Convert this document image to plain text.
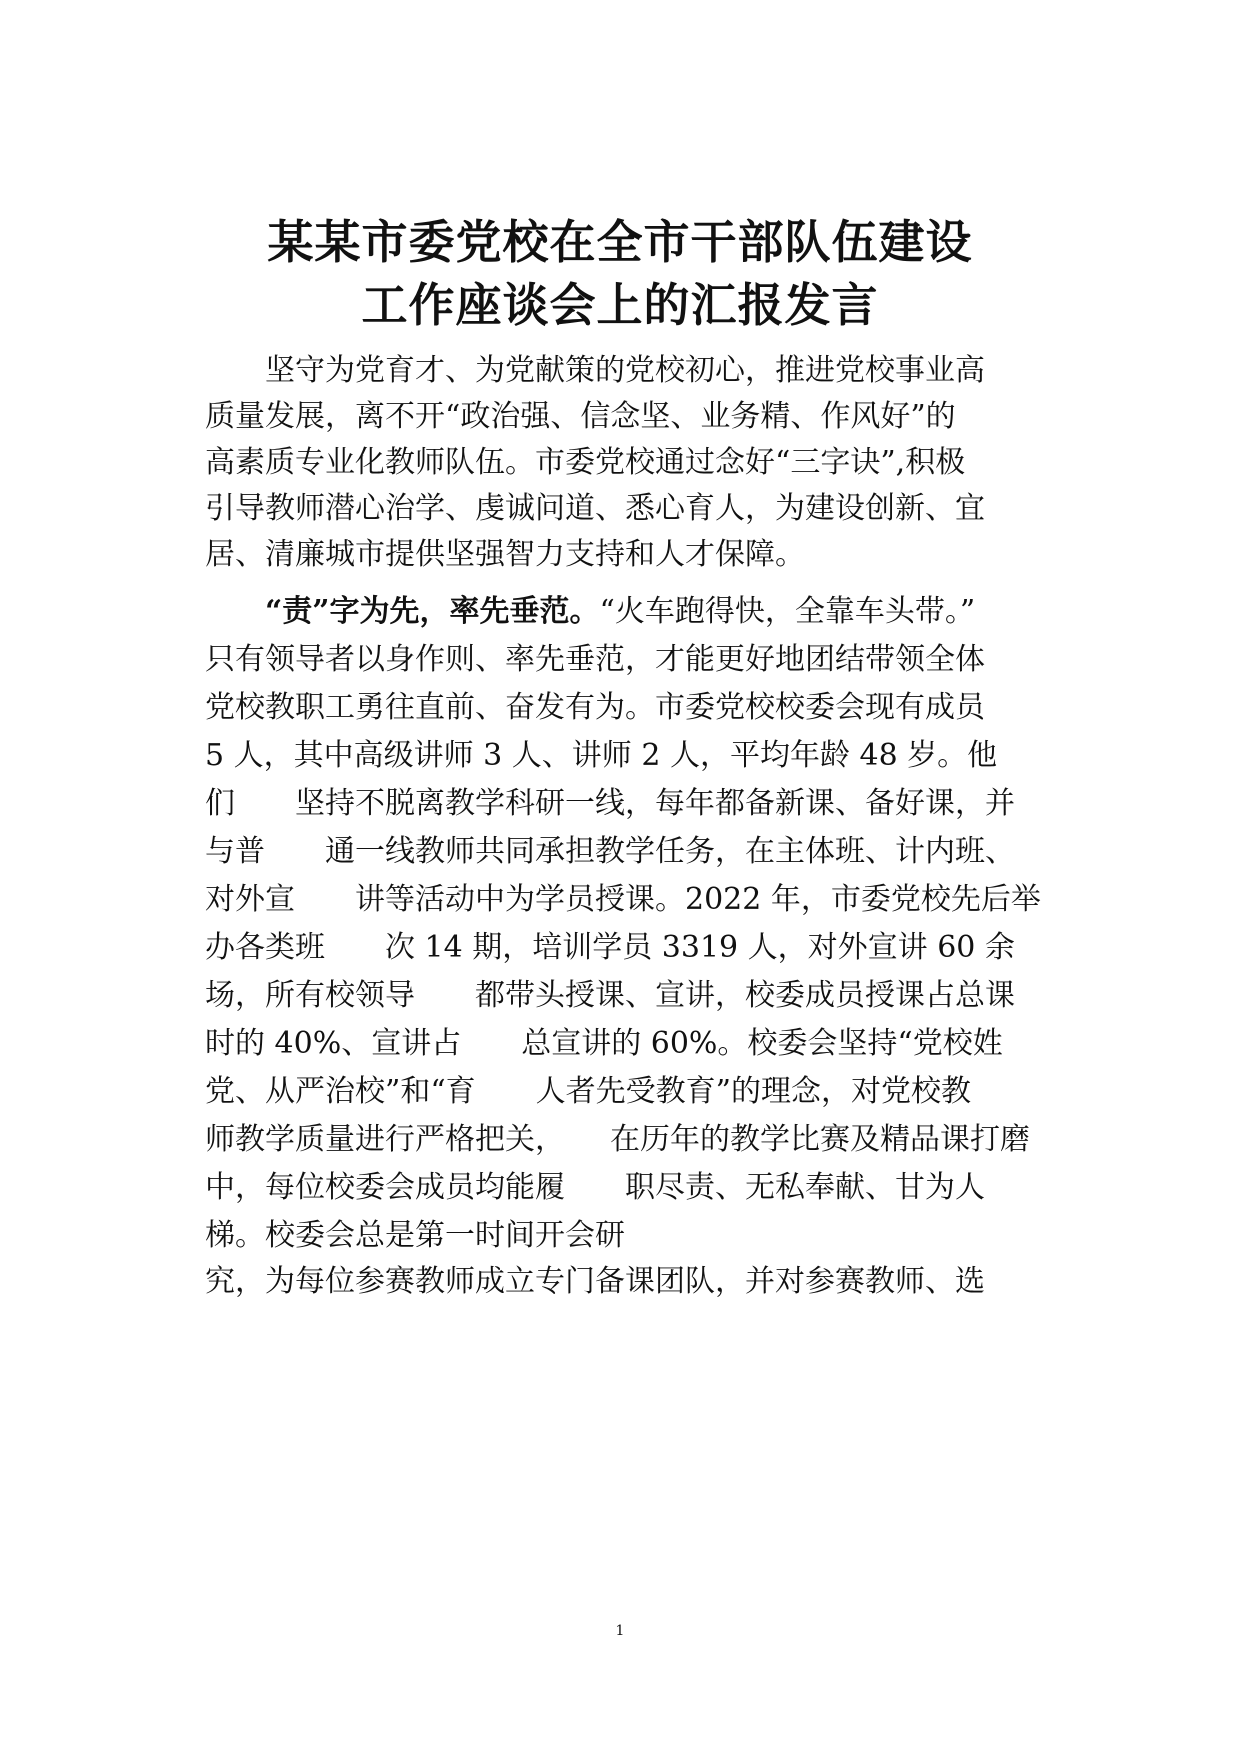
某某市委党校在全市干部队伍建设
工作座谈会上的汇报发言

　　坚守为党育才、为党献策的党校初心，推进党校事业高

质量发展，离不开“政治强、信念坚、业务精、作风好”的

高素质专业化教师队伍。市委党校通过念好“三字诀”,积极

引导教师潜心治学、虔诚问道、悉心育人，为建设创新、宜

居、清廉城市提供坚强智力支持和人才保障。

　　“责”字为先，率先垂范。“火车跑得快，全靠车头带。”

只有领导者以身作则、率先垂范，才能更好地团结带领全体

党校教职工勇往直前、奋发有为。市委党校校委会现有成员

5 人，其中高级讲师 3 人、讲师 2 人，平均年龄 48 岁。他

们　　坚持不脱离教学科研一线，每年都备新课、备好课，并

与普　　通一线教师共同承担教学任务，在主体班、计内班、

对外宣　　讲等活动中为学员授课。2022 年，市委党校先后举

办各类班　　次 14 期，培训学员 3319 人，对外宣讲 60 余

场，所有校领导　　都带头授课、宣讲，校委成员授课占总课

时的 40%、宣讲占　　总宣讲的 60%。校委会坚持“党校姓

党、从严治校”和“育　　人者先受教育”的理念，对党校教

师教学质量进行严格把关，　　在历年的教学比赛及精品课打磨

中，每位校委会成员均能履　　职尽责、无私奉献、甘为人

梯。校委会总是第一时间开会研

究，为每位参赛教师成立专门备课团队，并对参赛教师、选

1
